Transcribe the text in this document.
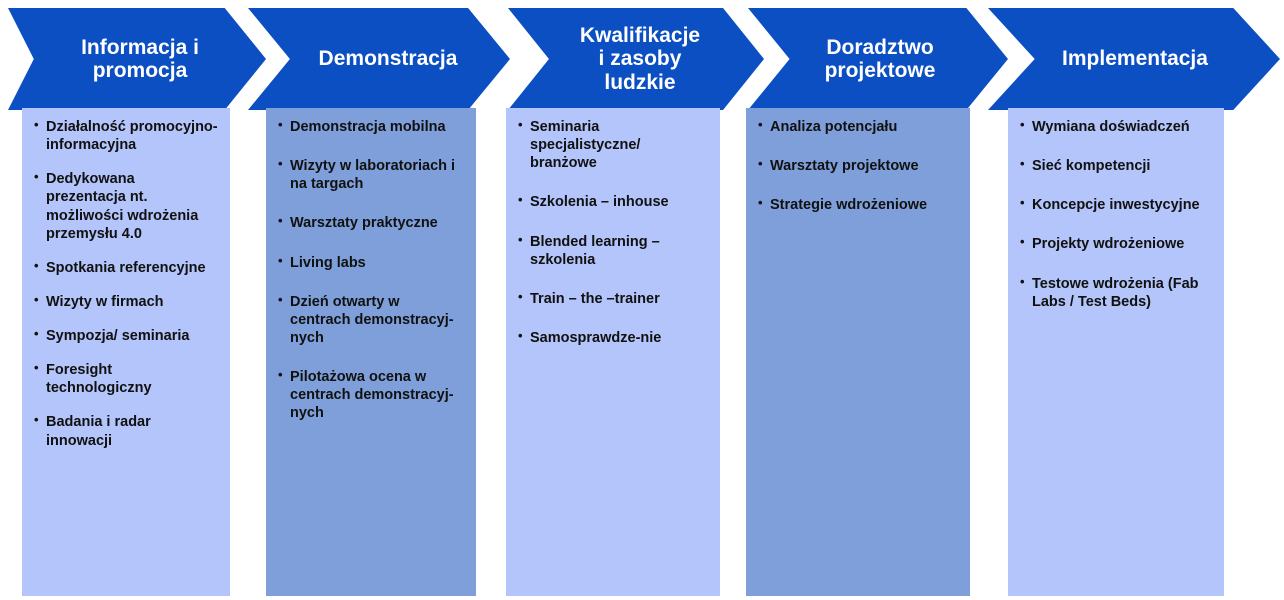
Informacja i
promocja
Demonstracja
Kwalifikacje
i zasoby
ludzkie
Doradztwo
projektowe
Implementacja
• Działalność promocyjno-informacyjna
• Dedykowana prezentacja nt. możliwości wdrożenia przemysłu 4.0
• Spotkania referencyjne
• Wizyty w firmach
• Sympozja/ seminaria
• Foresight technologiczny
• Badania i radar innowacji
• Demonstracja mobilna
• Wizyty w laboratoriach i na targach
• Warsztaty praktyczne
• Living labs
• Dzień otwarty w centrach demonstracyj-nych
• Pilotażowa ocena w centrach demonstracyj-nych
• Seminaria specjalistyczne/ branżowe
• Szkolenia – inhouse
• Blended learning – szkolenia
• Train – the –trainer
• Samosprawdze-nie
• Analiza potencjału
• Warsztaty projektowe
• Strategie wdrożeniowe
• Wymiana doświadczeń
• Sieć kompetencji
• Koncepcje inwestycyjne
• Projekty wdrożeniowe
• Testowe wdrożenia (Fab Labs / Test Beds)
